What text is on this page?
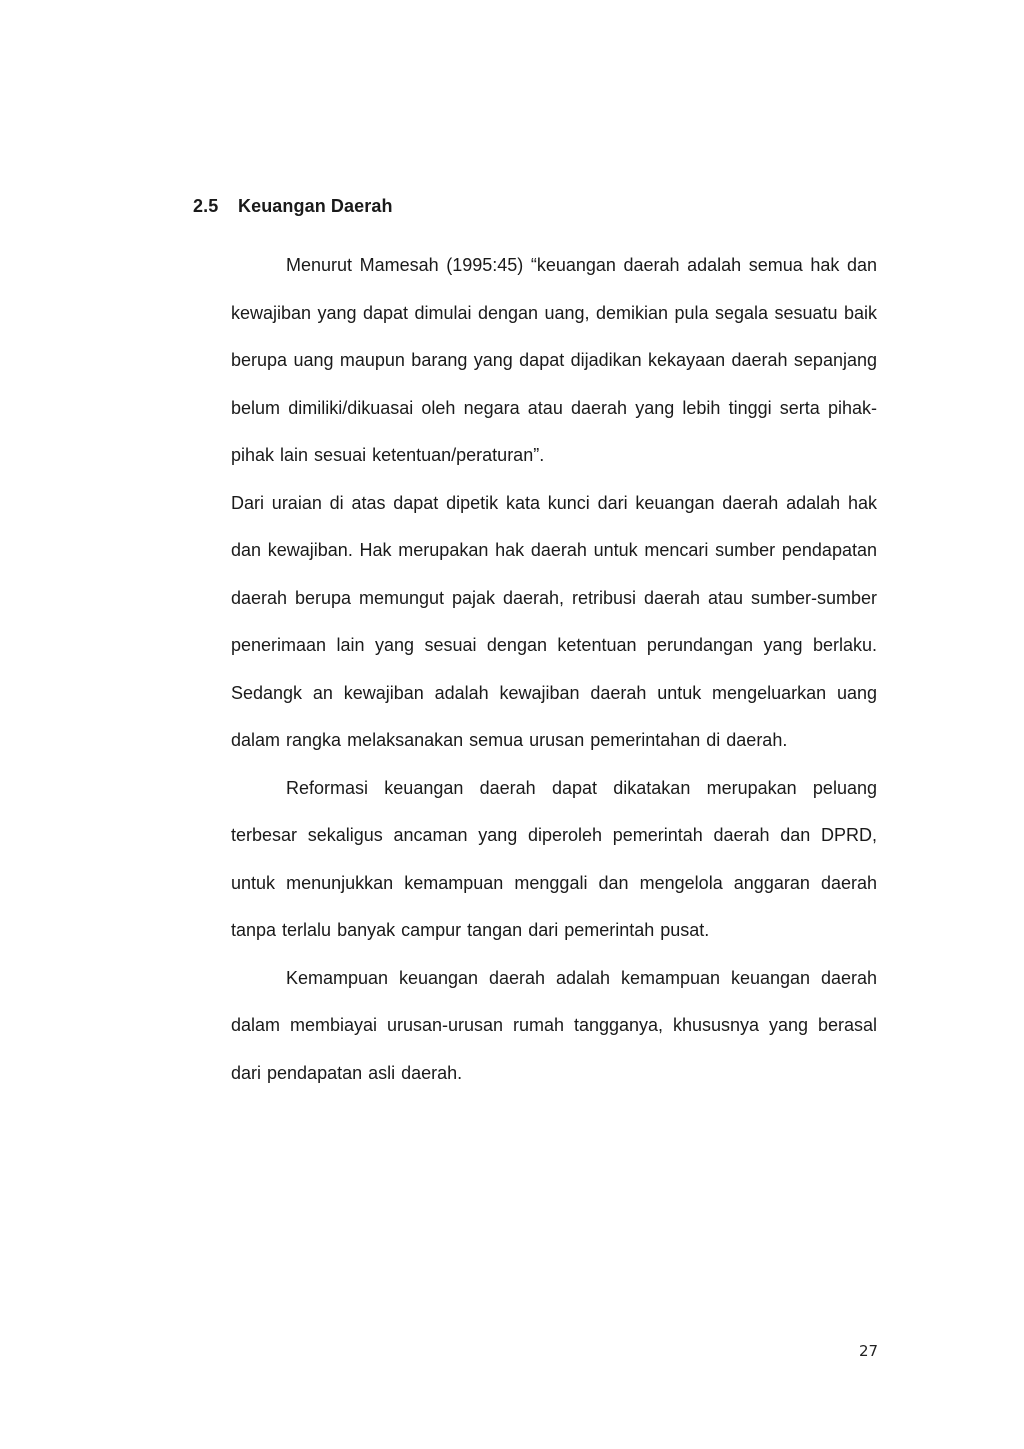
2.5 Keuangan Daerah

Menurut Mamesah (1995:45) “keuangan daerah adalah semua hak dan kewajiban yang dapat dimulai dengan uang, demikian pula segala sesuatu baik berupa uang maupun barang yang dapat dijadikan kekayaan daerah sepanjang belum dimiliki/dikuasai oleh negara atau daerah yang lebih tinggi serta pihak-pihak lain sesuai ketentuan/peraturan”.

Dari uraian di atas dapat dipetik kata kunci dari keuangan daerah adalah hak dan kewajiban. Hak merupakan hak daerah untuk mencari sumber pendapatan daerah berupa memungut pajak daerah, retribusi daerah atau sumber-sumber penerimaan lain yang sesuai dengan ketentuan perundangan yang berlaku. Sedangk an kewajiban adalah kewajiban daerah untuk mengeluarkan uang dalam rangka melaksanakan semua urusan pemerintahan di daerah.

Reformasi keuangan daerah dapat dikatakan merupakan peluang terbesar sekaligus ancaman yang diperoleh pemerintah daerah dan DPRD, untuk menunjukkan kemampuan menggali dan mengelola anggaran daerah tanpa terlalu banyak campur tangan dari pemerintah pusat.

Kemampuan keuangan daerah adalah kemampuan keuangan daerah dalam membiayai urusan-urusan rumah tangganya, khususnya yang berasal dari pendapatan asli daerah.

27
